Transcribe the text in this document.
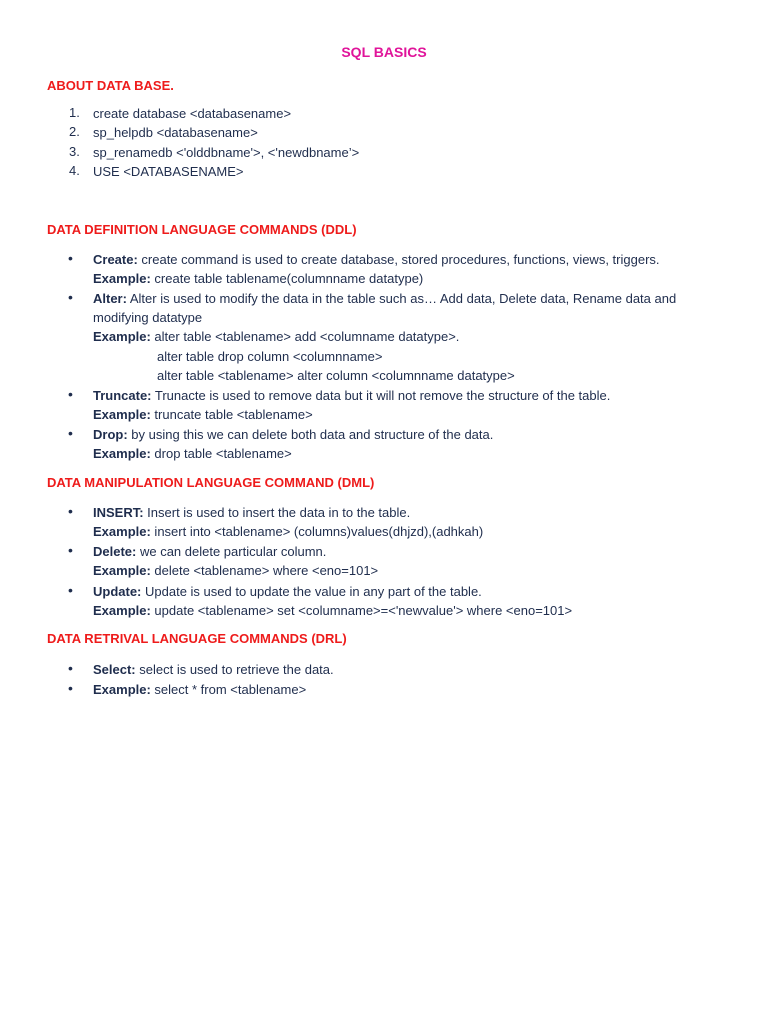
SQL BASICS
ABOUT DATA BASE.
1. create database <databasename>
2. sp_helpdb <databasename>
3. sp_renamedb <'olddbname'>, <'newdbname’>
4. USE <DATABASENAME>
DATA DEFINITION LANGUAGE COMMANDS (DDL)
• Create: create command is used to create database, stored procedures, functions, views, triggers.
Example: create table tablename(columnname datatype)
• Alter: Alter is used to modify the data in the table such as… Add data, Delete data, Rename data and
modifying datatype
Example: alter table <tablename> add <columname datatype>.
alter table drop column <columnname>
alter table <tablename> alter column <columnname datatype>
• Truncate: Trunacte is used to remove data but it will not remove the structure of the table.
Example: truncate table <tablename>
• Drop: by using this we can delete both data and structure of the data.
Example: drop table <tablename>
DATA MANIPULATION LANGUAGE COMMAND (DML)
• INSERT: Insert is used to insert the data in to the table.
Example: insert into <tablename> (columns)values(dhjzd),(adhkah)
• Delete: we can delete particular column.
Example: delete <tablename> where <eno=101>
• Update: Update is used to update the value in any part of the table.
Example: update <tablename> set <columname>=<'newvalue'> where <eno=101>
DATA RETRIVAL LANGUAGE COMMANDS (DRL)
• Select: select is used to retrieve the data.
• Example: select * from <tablename>
